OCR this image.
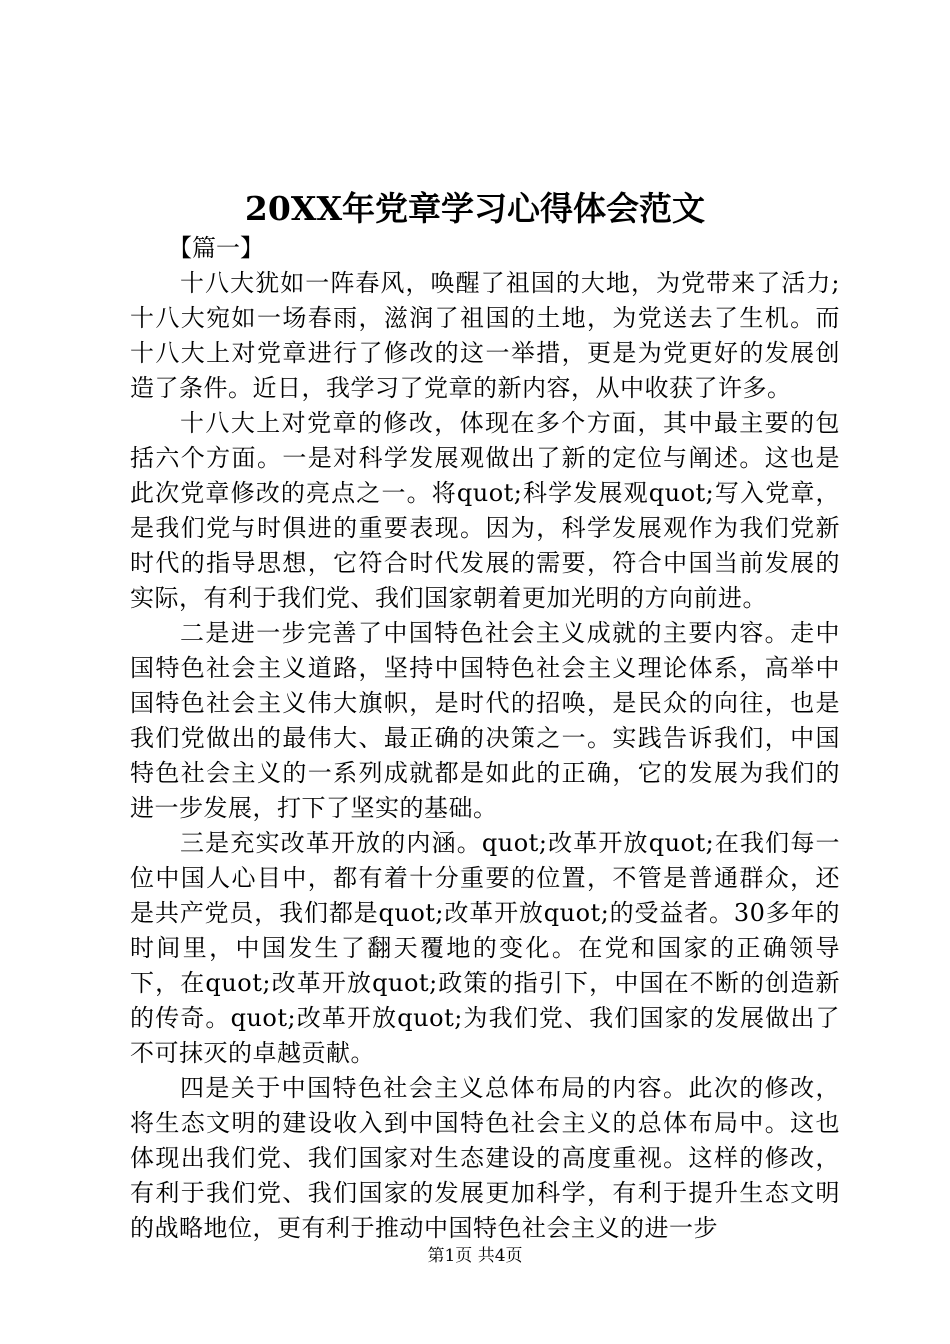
20XX年党章学习心得体会范文

【篇一】

十八大犹如一阵春风，唤醒了祖国的大地，为党带来了活力;十八大宛如一场春雨，滋润了祖国的土地，为党送去了生机。而十八大上对党章进行了修改的这一举措，更是为党更好的发展创造了条件。近日，我学习了党章的新内容，从中收获了许多。

十八大上对党章的修改，体现在多个方面，其中最主要的包括六个方面。一是对科学发展观做出了新的定位与阐述。这也是此次党章修改的亮点之一。将quot;科学发展观quot;写入党章，是我们党与时俱进的重要表现。因为，科学发展观作为我们党新时代的指导思想，它符合时代发展的需要，符合中国当前发展的实际，有利于我们党、我们国家朝着更加光明的方向前进。

二是进一步完善了中国特色社会主义成就的主要内容。走中国特色社会主义道路，坚持中国特色社会主义理论体系，高举中国特色社会主义伟大旗帜，是时代的招唤，是民众的向往，也是我们党做出的最伟大、最正确的决策之一。实践告诉我们，中国特色社会主义的一系列成就都是如此的正确，它的发展为我们的进一步发展，打下了坚实的基础。

三是充实改革开放的内涵。quot;改革开放quot;在我们每一位中国人心目中，都有着十分重要的位置，不管是普通群众，还是共产党员，我们都是quot;改革开放quot;的受益者。30多年的时间里，中国发生了翻天覆地的变化。在党和国家的正确领导下，在quot;改革开放quot;政策的指引下，中国在不断的创造新的传奇。quot;改革开放quot;为我们党、我们国家的发展做出了不可抹灭的卓越贡献。

四是关于中国特色社会主义总体布局的内容。此次的修改，将生态文明的建设收入到中国特色社会主义的总体布局中。这也体现出我们党、我们国家对生态建设的高度重视。这样的修改，有利于我们党、我们国家的发展更加科学，有利于提升生态文明的战略地位，更有利于推动中国特色社会主义的进一步

第1页 共4页
